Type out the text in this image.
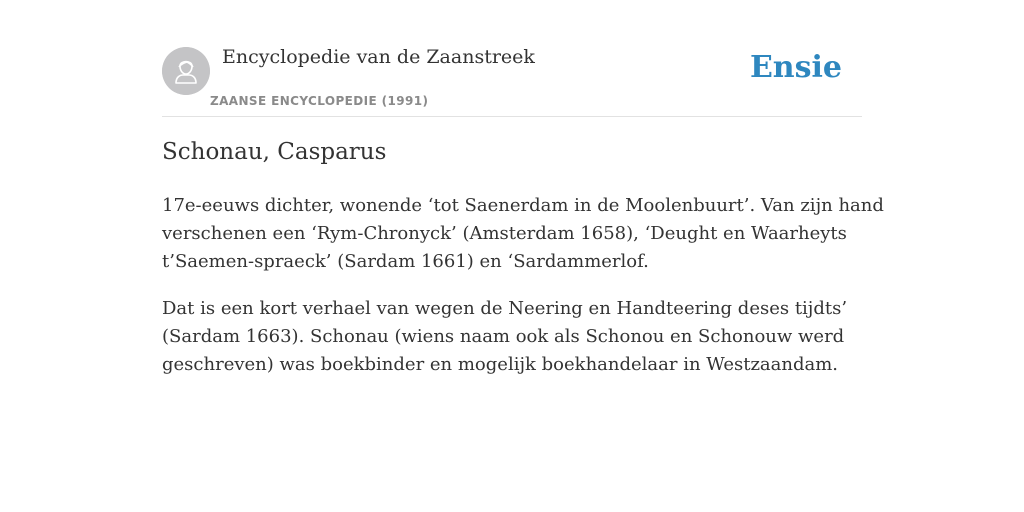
Encyclopedie van de Zaanstreek
ZAANSE ENCYCLOPEDIE (1991)
Ensie
Schonau, Casparus

17e-eeuws dichter, wonende ‘tot Saenerdam in de Moolenbuurt’. Van zijn hand
verschenen een ‘Rym-Chronyck’ (Amsterdam 1658), ‘Deught en Waarheyts
t’Saemen-spraeck’ (Sardam 1661) en ‘Sardammerlof.

Dat is een kort verhael van wegen de Neering en Handteering deses tijdts’
(Sardam 1663). Schonau (wiens naam ook als Schonou en Schonouw werd
geschreven) was boekbinder en mogelijk boekhandelaar in Westzaandam.
